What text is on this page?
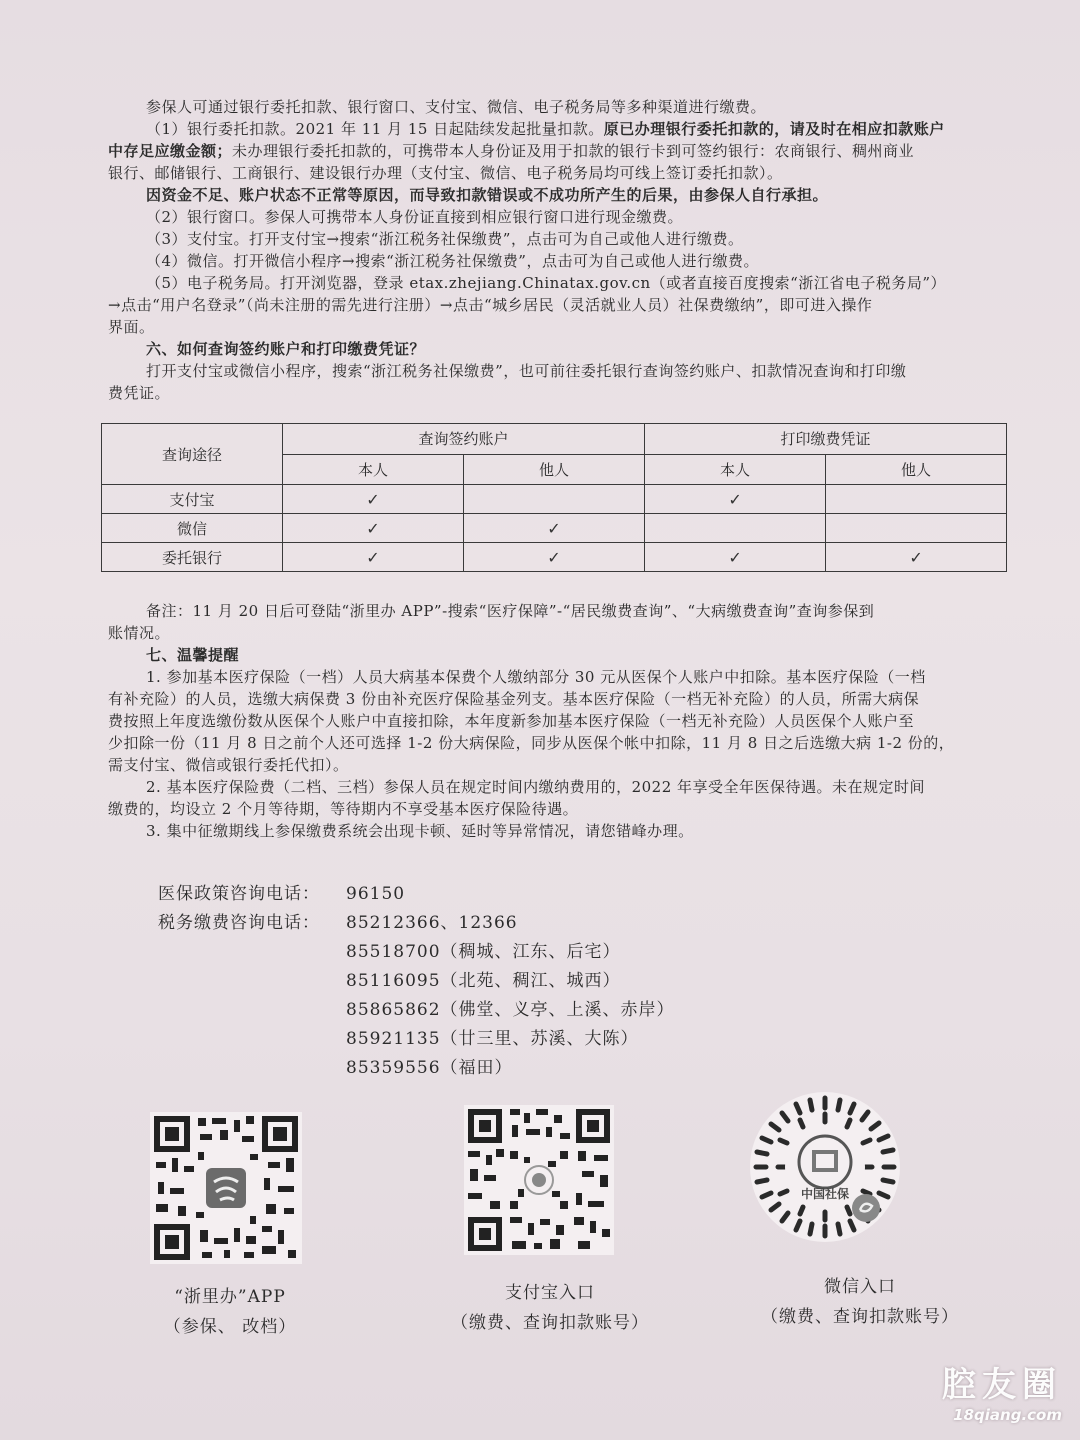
参保人可通过银行委托扣款、银行窗口、支付宝、微信、电子税务局等多种渠道进行缴费。
（1）银行委托扣款。2021 年 11 月 15 日起陆续发起批量扣款。原已办理银行委托扣款的，请及时在相应扣款账户
中存足应缴金额；未办理银行委托扣款的，可携带本人身份证及用于扣款的银行卡到可签约银行：农商银行、稠州商业
银行、邮储银行、工商银行、建设银行办理（支付宝、微信、电子税务局均可线上签订委托扣款）。
因资金不足、账户状态不正常等原因，而导致扣款错误或不成功所产生的后果，由参保人自行承担。
（2）银行窗口。参保人可携带本人身份证直接到相应银行窗口进行现金缴费。
（3）支付宝。打开支付宝→搜索“浙江税务社保缴费”，点击可为自己或他人进行缴费。
（4）微信。打开微信小程序→搜索“浙江税务社保缴费”，点击可为自己或他人进行缴费。
（5）电子税务局。打开浏览器，登录 etax.zhejiang.Chinatax.gov.cn（或者直接百度搜索“浙江省电子税务局”）
→点击“用户名登录”（尚未注册的需先进行注册）→点击“城乡居民（灵活就业人员）社保费缴纳”，即可进入操作
界面。
六、如何查询签约账户和打印缴费凭证？
打开支付宝或微信小程序，搜索“浙江税务社保缴费”，也可前往委托银行查询签约账户、扣款情况查询和打印缴
费凭证。
查询途径	查询签约账户		打印缴费凭证	
	本人	他人	本人	他人
支付宝	✓		✓	
微信	✓	✓		
委托银行	✓	✓	✓	✓
备注：11 月 20 日后可登陆“浙里办 APP”-搜索“医疗保障”-“居民缴费查询”、“大病缴费查询”查询参保到
账情况。
七、温馨提醒
1. 参加基本医疗保险（一档）人员大病基本保费个人缴纳部分 30 元从医保个人账户中扣除。基本医疗保险（一档
有补充险）的人员，选缴大病保费 3 份由补充医疗保险基金列支。基本医疗保险（一档无补充险）的人员，所需大病保
费按照上年度选缴份数从医保个人账户中直接扣除，本年度新参加基本医疗保险（一档无补充险）人员医保个人账户至
少扣除一份（11 月 8 日之前个人还可选择 1-2 份大病保险，同步从医保个帐中扣除，11 月 8 日之后选缴大病 1-2 份的，
需支付宝、微信或银行委托代扣）。
2. 基本医疗保险费（二档、三档）参保人员在规定时间内缴纳费用的，2022 年享受全年医保待遇。未在规定时间
缴费的，均设立 2 个月等待期，等待期内不享受基本医疗保险待遇。
3. 集中征缴期线上参保缴费系统会出现卡顿、延时等异常情况，请您错峰办理。
医保政策咨询电话： 96150
税务缴费咨询电话： 85212366、12366
85518700（稠城、江东、后宅）
85116095（北苑、稠江、城西）
85865862（佛堂、义亭、上溪、赤岸）
85921135（廿三里、苏溪、大陈）
85359556（福田）
中国社保
“浙里办”APP
（参保、 改档）
支付宝入口
（缴费、查询扣款账号）
微信入口
（缴费、查询扣款账号）
腔友圈
18qiang.com
